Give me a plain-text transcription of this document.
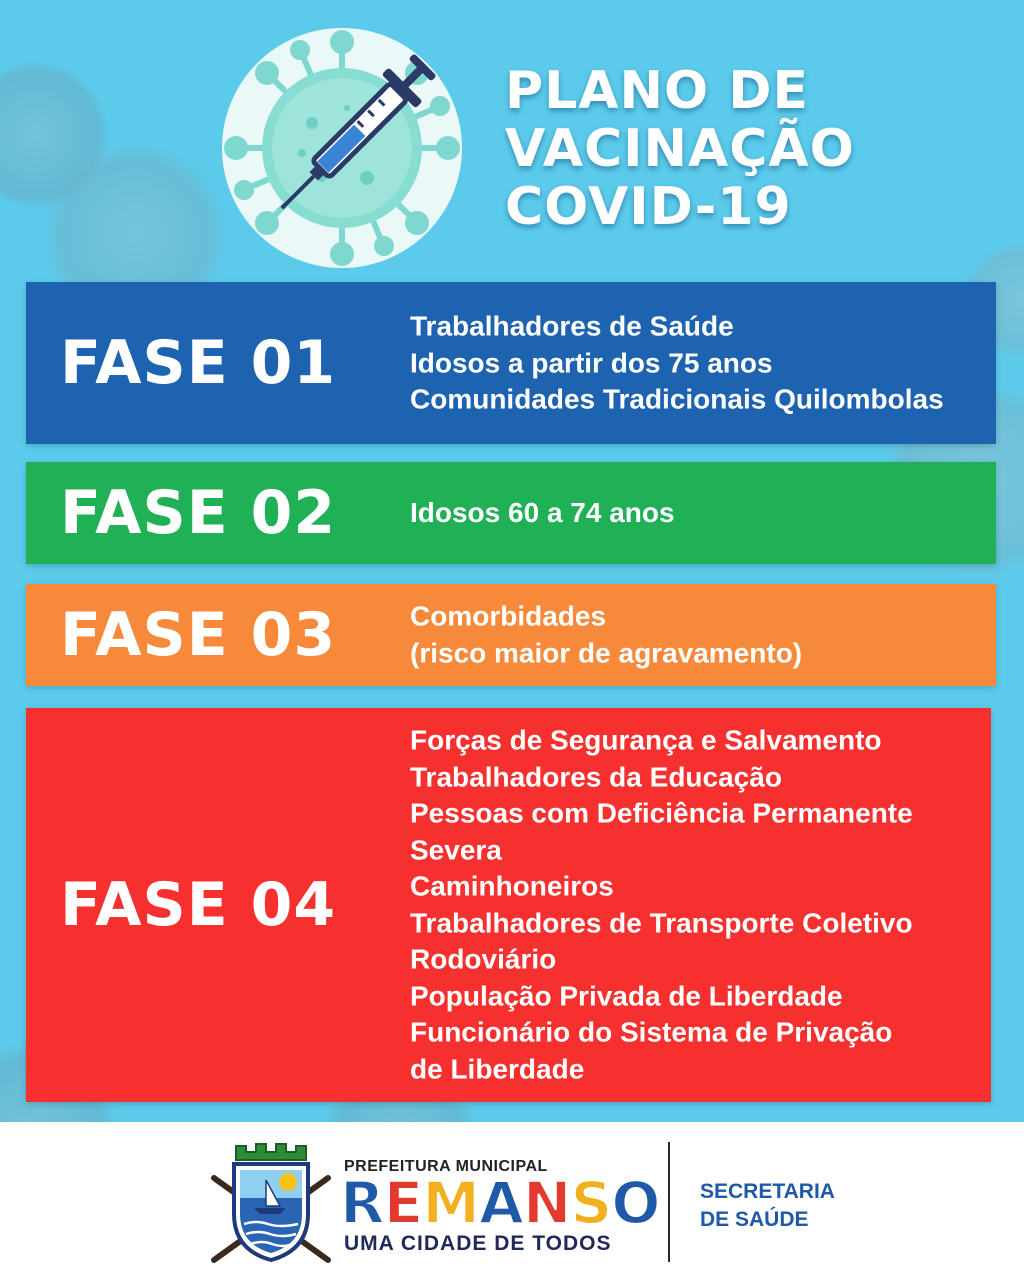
PLANO DE
VACINAÇÃO
COVID-19
FASE 01
Trabalhadores de Saúde
Idosos a partir dos 75 anos
Comunidades Tradicionais Quilombolas
FASE 02	Idosos 60 a 74 anos
FASE 03	Comorbidades
(risco maior de agravamento)
FASE 04
Forças de Segurança e Salvamento
Trabalhadores da Educação
Pessoas com Deficiência Permanente
Severa
Caminhoneiros
Trabalhadores de Transporte Coletivo
Rodoviário
População Privada de Liberdade
Funcionário do Sistema de Privação
de Liberdade
PREFEITURA MUNICIPAL
REMANSO
UMA CIDADE DE TODOS
SECRETARIA
DE SAÚDE
